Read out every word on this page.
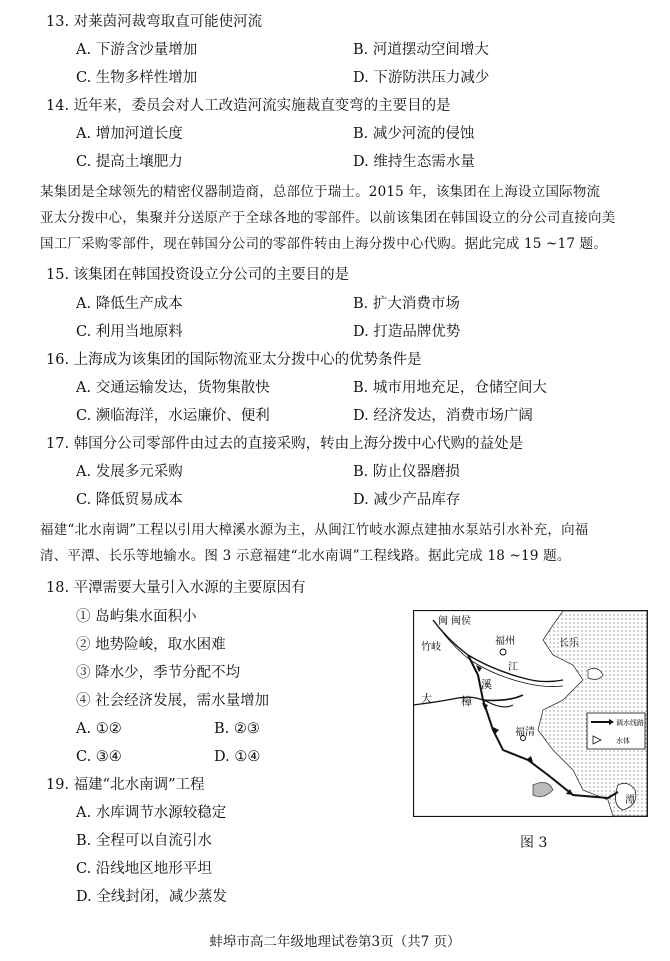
13. 对莱茵河裁弯取直可能使河流
A. 下游含沙量增加	B. 河道摆动空间增大
C. 生物多样性增加	D. 下游防洪压力减少
14. 近年来，委员会对人工改造河流实施裁直变弯的主要目的是
A. 增加河道长度	B. 减少河流的侵蚀
C. 提高土壤肥力	D. 维持生态需水量
某集团是全球领先的精密仪器制造商，总部位于瑞士。2015 年，该集团在上海设立国际物流
亚太分拨中心，集聚并分送原产于全球各地的零部件。以前该集团在韩国设立的分公司直接向美
国工厂采购零部件，现在韩国分公司的零部件转由上海分拨中心代购。据此完成 15 ~17 题。
15. 该集团在韩国投资设立分公司的主要目的是
A. 降低生产成本	B. 扩大消费市场
C. 利用当地原料	D. 打造品牌优势
16. 上海成为该集团的国际物流亚太分拨中心的优势条件是
A. 交通运输发达，货物集散快	B. 城市用地充足，仓储空间大
C. 濒临海洋，水运廉价、便利	D. 经济发达，消费市场广阔
17. 韩国分公司零部件由过去的直接采购，转由上海分拨中心代购的益处是
A. 发展多元采购	B. 防止仪器磨损
C. 降低贸易成本	D. 减少产品库存
福建“北水南调”工程以引用大樟溪水源为主，从闽江竹岐水源点建抽水泵站引水补充，向福
清、平潭、长乐等地输水。图 3 示意福建“北水南调”工程线路。据此完成 18 ~19 题。
18. 平潭需要大量引入水源的主要原因有
① 岛屿集水面积小
② 地势险峻，取水困难
③ 降水少，季节分配不均
④ 社会经济发展，需水量增加
A. ①②	B. ②③
C. ③④	D. ①④
19. 福建“北水南调”工程
A. 水库调节水源较稳定
B. 全程可以自流引水
C. 沿线地区地形平坦
D. 全线封闭，减少蒸发
闽 闽侯
竹岐
福州
江
长乐
大	樟
溪
福清
潭
调水线路
水体
图 3
蚌埠市高二年级地理试卷第3页（共7 页）
